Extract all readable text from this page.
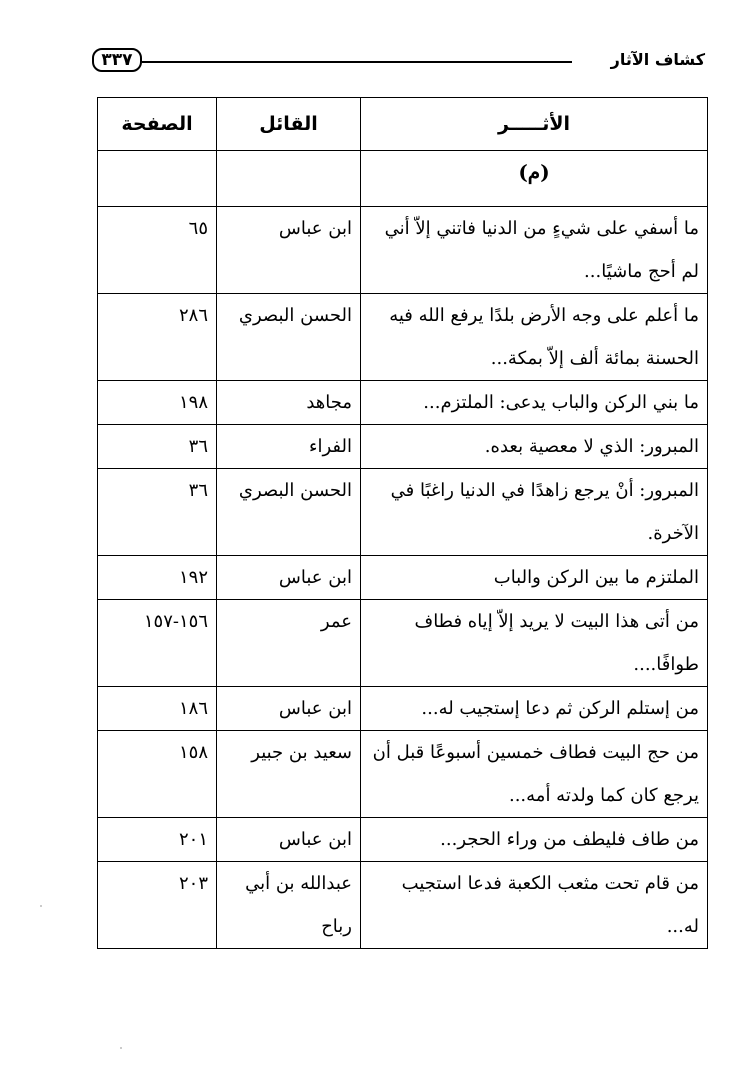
٣٣٧	كشاف الآثار
الأثـــــر	القائل	الصفحة

(م)		

ما أسفي على شيءٍ من الدنيا فاتني إلاّ أني لم أحج ماشيًا...	ابن عباس	٦٥
ما أعلم على وجه الأرض بلدًا يرفع الله فيه الحسنة بمائة ألف إلاّ بمكة...	الحسن البصري	٢٨٦
ما بني الركن والباب يدعى: الملتزم...	مجاهد	١٩٨
المبرور: الذي لا معصية بعده.	الفراء	٣٦
المبرور: أنْ يرجع زاهدًا في الدنيا راغبًا في الآخرة.	الحسن البصري	٣٦
الملتزم ما بين الركن والباب	ابن عباس	١٩٢
من أتى هذا البيت لا يريد إلاّ إياه فطاف طوافًا....	عمر	١٥٦-١٥٧
من إستلم الركن ثم دعا إستجيب له...	ابن عباس	١٨٦
من حج البيت فطاف خمسين أسبوعًا قبل أن يرجع كان كما ولدته أمه...	سعيد بن جبير	١٥٨
من طاف فليطف من وراء الحجر...	ابن عباس	٢٠١
من قام تحت مثعب الكعبة فدعا استجيب له...	عبدالله بن أبي رباح	٢٠٣
